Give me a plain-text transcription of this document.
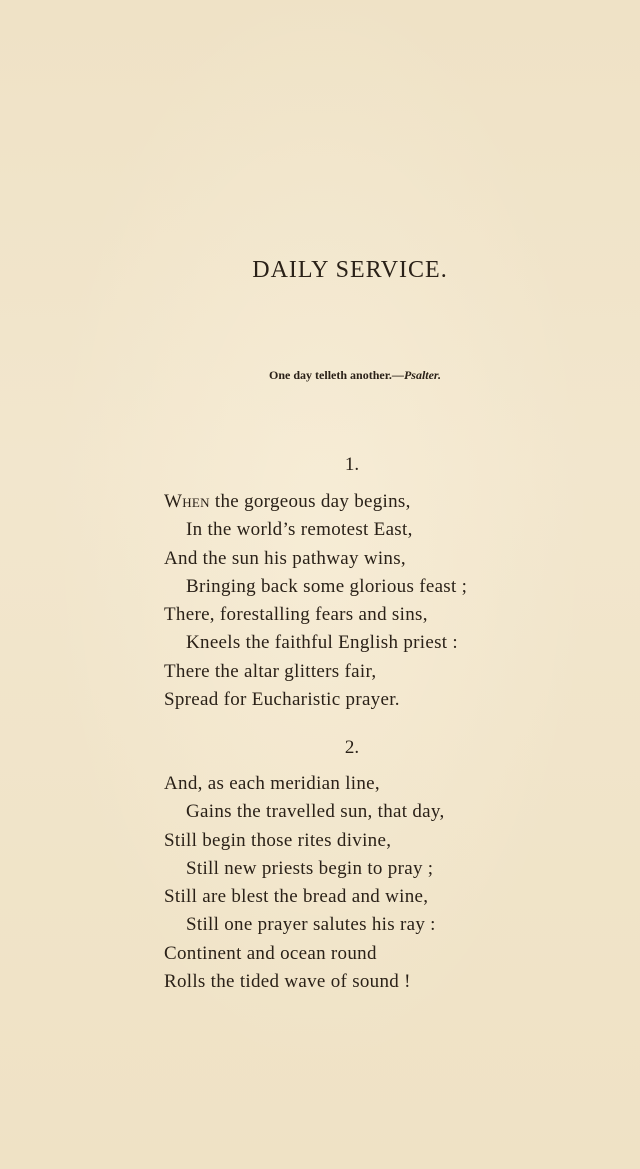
DAILY SERVICE.
One day telleth another.—Psalter.
1.
When the gorgeous day begins,
In the world’s remotest East,
And the sun his pathway wins,
Bringing back some glorious feast ;
There, forestalling fears and sins,
Kneels the faithful English priest :
There the altar glitters fair,
Spread for Eucharistic prayer.
2.
And, as each meridian line,
Gains the travelled sun, that day,
Still begin those rites divine,
Still new priests begin to pray ;
Still are blest the bread and wine,
Still one prayer salutes his ray :
Continent and ocean round
Rolls the tided wave of sound !
